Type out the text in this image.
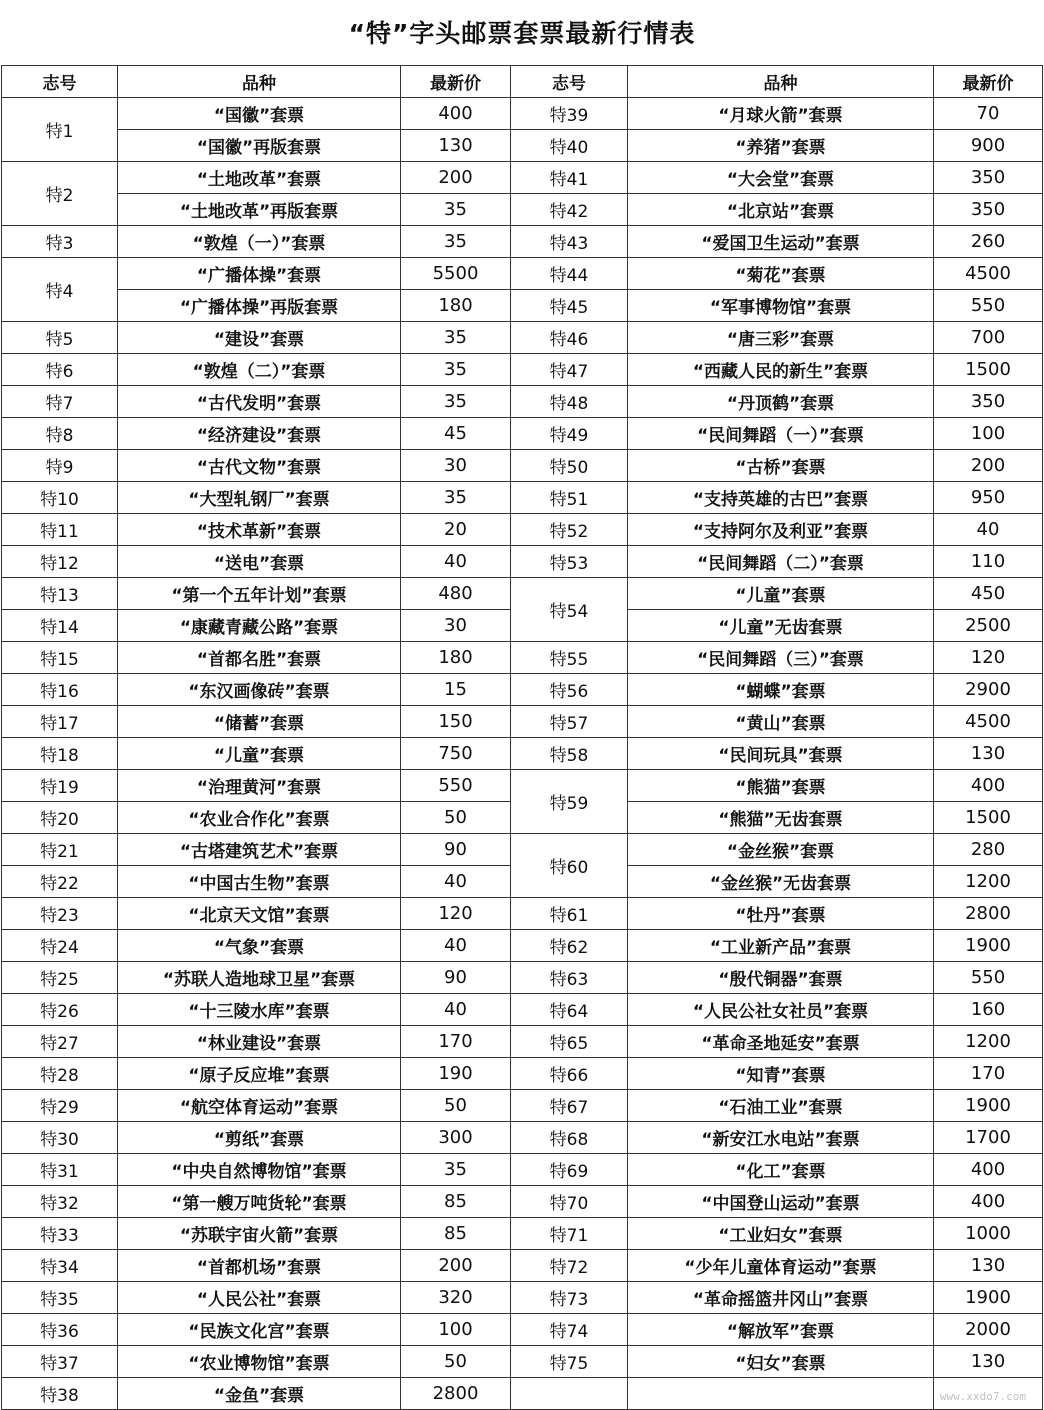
“特”字头邮票套票最新行情表
志号	品种	最新价	志号	品种	最新价
特1	“国徽”套票	400	特39	“月球火箭”套票	70
	“国徽”再版套票	130	特40	“养猪”套票	900
特2	“土地改革”套票	200	特41	“大会堂”套票	350
	“土地改革”再版套票	35	特42	“北京站”套票	350
特3	“敦煌（一）”套票	35	特43	“爱国卫生运动”套票	260
特4	“广播体操”套票	5500	特44	“菊花”套票	4500
	“广播体操”再版套票	180	特45	“军事博物馆”套票	550
特5	“建设”套票	35	特46	“唐三彩”套票	700
特6	“敦煌（二）”套票	35	特47	“西藏人民的新生”套票	1500
特7	“古代发明”套票	35	特48	“丹顶鹤”套票	350
特8	“经济建设”套票	45	特49	“民间舞蹈（一）”套票	100
特9	“古代文物”套票	30	特50	“古桥”套票	200
特10	“大型轧钢厂”套票	35	特51	“支持英雄的古巴”套票	950
特11	“技术革新”套票	20	特52	“支持阿尔及利亚”套票	40
特12	“送电”套票	40	特53	“民间舞蹈（二）”套票	110
特13	“第一个五年计划”套票	480	特54	“儿童”套票	450
特14	“康藏青藏公路”套票	30		“儿童”无齿套票	2500
特15	“首都名胜”套票	180	特55	“民间舞蹈（三）”套票	120
特16	“东汉画像砖”套票	15	特56	“蝴蝶”套票	2900
特17	“储蓄”套票	150	特57	“黄山”套票	4500
特18	“儿童”套票	750	特58	“民间玩具”套票	130
特19	“治理黄河”套票	550	特59	“熊猫”套票	400
特20	“农业合作化”套票	50		“熊猫”无齿套票	1500
特21	“古塔建筑艺术”套票	90	特60	“金丝猴”套票	280
特22	“中国古生物”套票	40		“金丝猴”无齿套票	1200
特23	“北京天文馆”套票	120	特61	“牡丹”套票	2800
特24	“气象”套票	40	特62	“工业新产品”套票	1900
特25	“苏联人造地球卫星”套票	90	特63	“殷代铜器”套票	550
特26	“十三陵水库”套票	40	特64	“人民公社女社员”套票	160
特27	“林业建设”套票	170	特65	“革命圣地延安”套票	1200
特28	“原子反应堆”套票	190	特66	“知青”套票	170
特29	“航空体育运动”套票	50	特67	“石油工业”套票	1900
特30	“剪纸”套票	300	特68	“新安江水电站”套票	1700
特31	“中央自然博物馆”套票	35	特69	“化工”套票	400
特32	“第一艘万吨货轮”套票	85	特70	“中国登山运动”套票	400
特33	“苏联宇宙火箭”套票	85	特71	“工业妇女”套票	1000
特34	“首都机场”套票	200	特72	“少年儿童体育运动”套票	130
特35	“人民公社”套票	320	特73	“革命摇篮井冈山”套票	1900
特36	“民族文化宫”套票	100	特74	“解放军”套票	2000
特37	“农业博物馆”套票	50	特75	“妇女”套票	130
特38	“金鱼”套票	2800				www.xxdo7.com
